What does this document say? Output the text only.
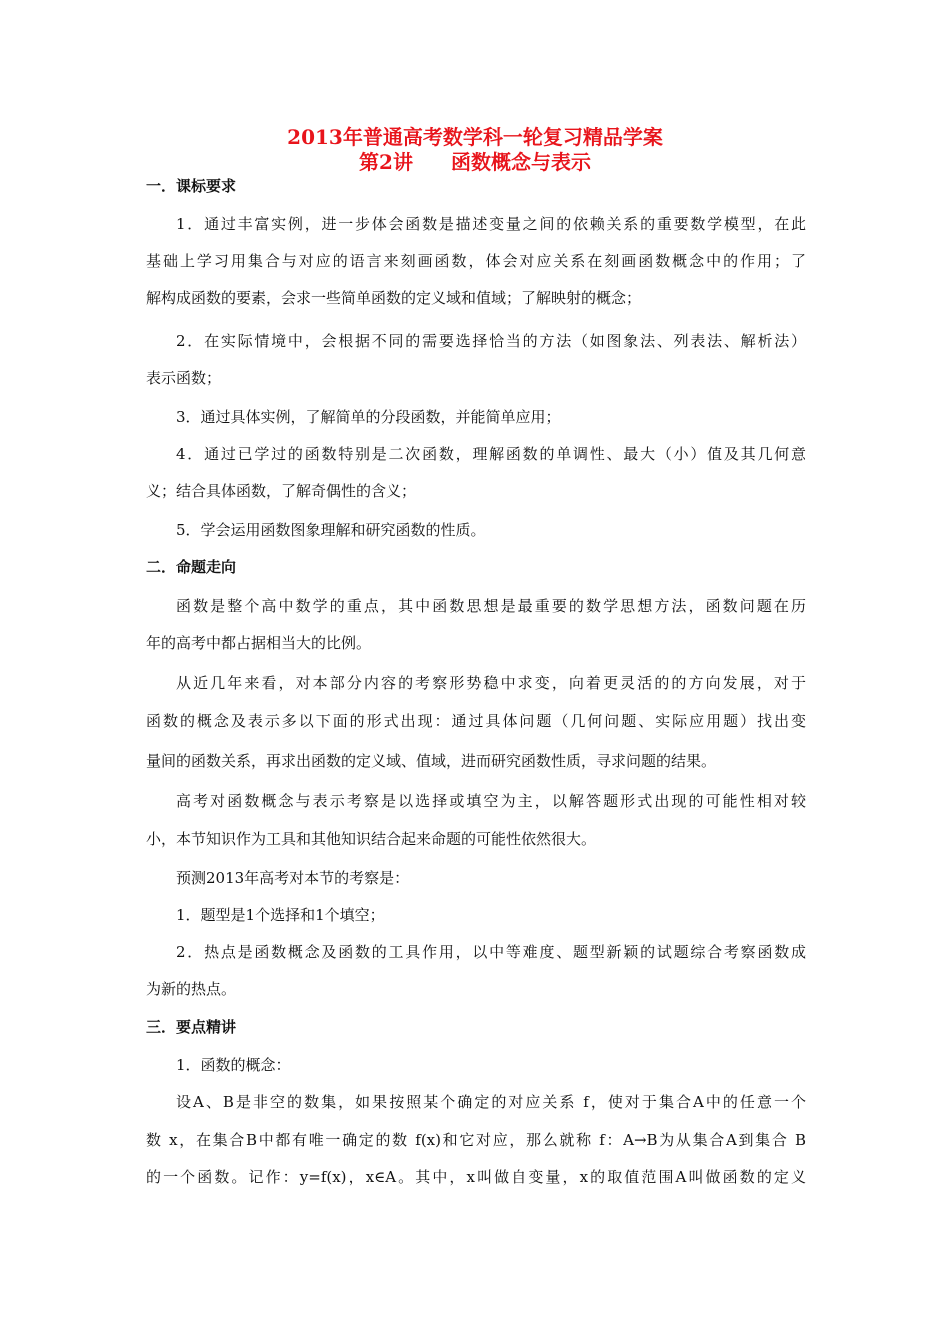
2013年普通高考数学科一轮复习精品学案
第2讲 函数概念与表示
一．课标要求
1．通过丰富实例，进一步体会函数是描述变量之间的依赖关系的重要数学模型，在此
基础上学习用集合与对应的语言来刻画函数，体会对应关系在刻画函数概念中的作用；了
解构成函数的要素，会求一些简单函数的定义域和值域；了解映射的概念；
2．在实际情境中，会根据不同的需要选择恰当的方法（如图象法、列表法、解析法）
表示函数；
3．通过具体实例，了解简单的分段函数，并能简单应用；
4．通过已学过的函数特别是二次函数，理解函数的单调性、最大（小）值及其几何意
义；结合具体函数，了解奇偶性的含义；
5．学会运用函数图象理解和研究函数的性质。
二．命题走向
函数是整个高中数学的重点，其中函数思想是最重要的数学思想方法，函数问题在历
年的高考中都占据相当大的比例。
从近几年来看，对本部分内容的考察形势稳中求变，向着更灵活的的方向发展，对于
函数的概念及表示多以下面的形式出现：通过具体问题（几何问题、实际应用题）找出变
量间的函数关系，再求出函数的定义域、值域，进而研究函数性质，寻求问题的结果。
高考对函数概念与表示考察是以选择或填空为主，以解答题形式出现的可能性相对较
小，本节知识作为工具和其他知识结合起来命题的可能性依然很大。
预测2013年高考对本节的考察是：
1．题型是1个选择和1个填空；
2．热点是函数概念及函数的工具作用，以中等难度、题型新颖的试题综合考察函数成
为新的热点。
三．要点精讲
1．函数的概念：
设A、B是非空的数集，如果按照某个确定的对应关系 f，使对于集合A中的任意一个
数 x，在集合B中都有唯一确定的数 f(x)和它对应，那么就称 f：A→B为从集合A到集合 B
的一个函数。记作：y=f(x)，x∈A。其中，x叫做自变量，x的取值范围A叫做函数的定义
